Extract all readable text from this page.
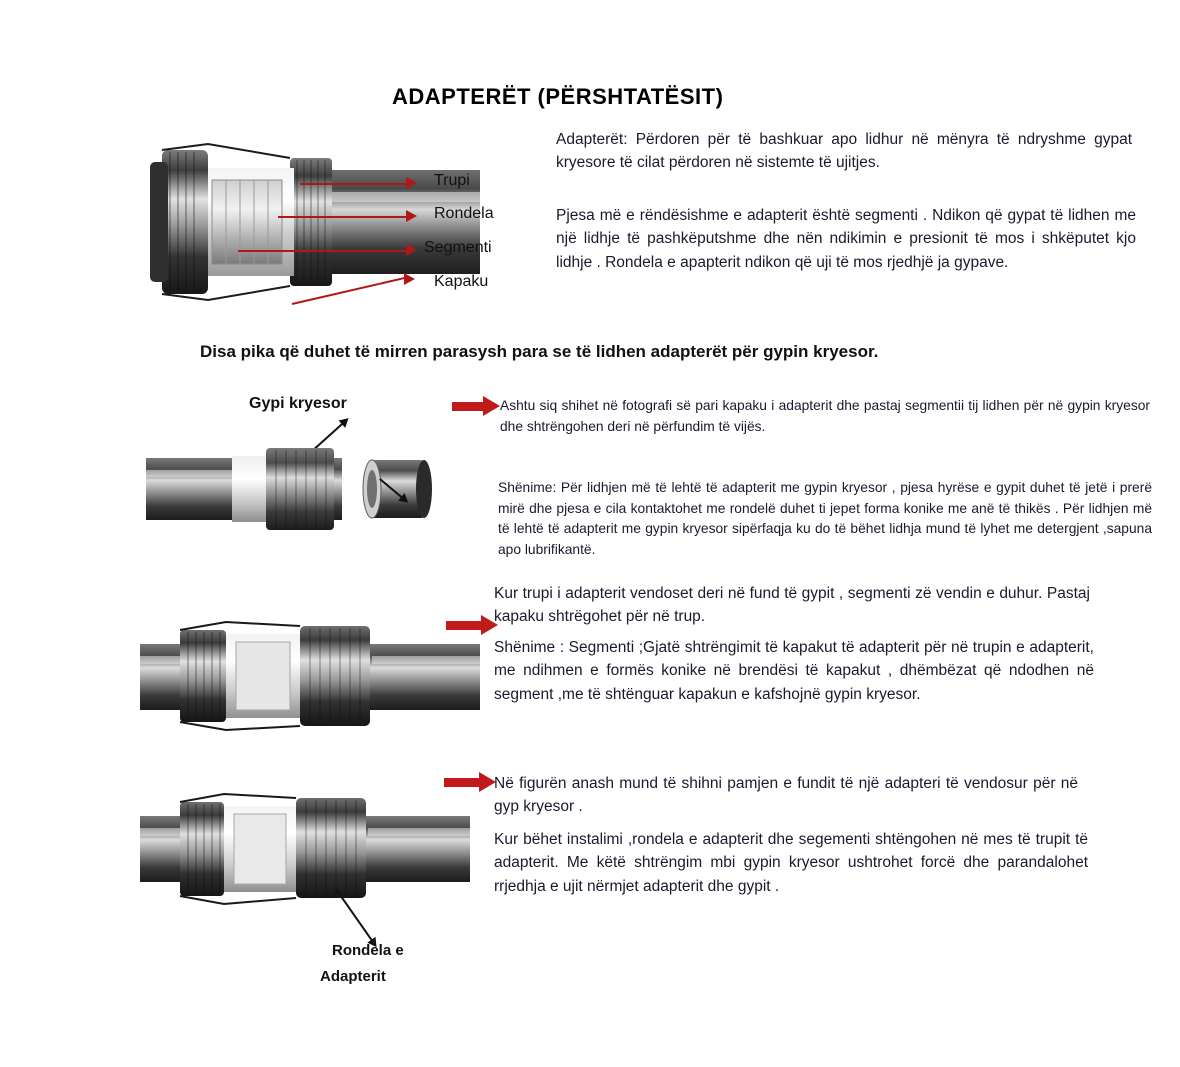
ADAPTERËT (PËRSHTATËSIT)
Trupi
Rondela
Segmenti
Kapaku
Adapterët: Përdoren për të bashkuar apo lidhur në mënyra të ndryshme gypat kryesore të cilat përdoren në sistemte të ujitjes.
Pjesa më e rëndësishme e adapterit është segmenti . Ndikon që gypat të lidhen me një lidhje të pashkëputshme dhe nën ndikimin e presionit të mos i shkëputet kjo lidhje . Rondela e apapterit ndikon që uji të mos rjedhjë ja gypave.
Disa pika që duhet të mirren parasysh para se të lidhen adapterët për gypin kryesor.
Gypi kryesor	Ashtu siq shihet në fotografi së pari kapaku i adapterit dhe pastaj segmentii tij lidhen për në gypin kryesor dhe shtrëngohen deri në përfundim të vijës.
Shënime: Për lidhjen më të lehtë të adapterit me gypin kryesor , pjesa hyrëse e gypit duhet të jetë i prerë mirë dhe pjesa e cila kontaktohet me rondelë duhet ti jepet forma konike me anë të thikës . Për lidhjen më të lehtë të adapterit me gypin kryesor sipërfaqja ku do të bëhet lidhja mund të lyhet me detergjent ,sapuna apo lubrifikantë.
Kur trupi i adapterit vendoset deri në fund të gypit , segmenti zë vendin e duhur. Pastaj kapaku shtrëgohet për në trup.
Shënime : Segmenti ;Gjatë shtrëngimit të kapakut të adapterit për në trupin e adapterit, me ndihmen e formës konike në brendësi të kapakut , dhëmbëzat që ndodhen në segment ,me të shtënguar kapakun e kafshojnë gypin kryesor.
Rondela e
Adapterit
Në figurën anash mund të shihni pamjen e fundit të një adapteri të vendosur për në gyp kryesor .
Kur bëhet instalimi ,rondela e adapterit dhe segementi shtëngohen në mes të trupit të adapterit. Me këtë shtrëngim mbi gypin kryesor ushtrohet forcë dhe parandalohet rrjedhja e ujit nërmjet adapterit dhe gypit .
